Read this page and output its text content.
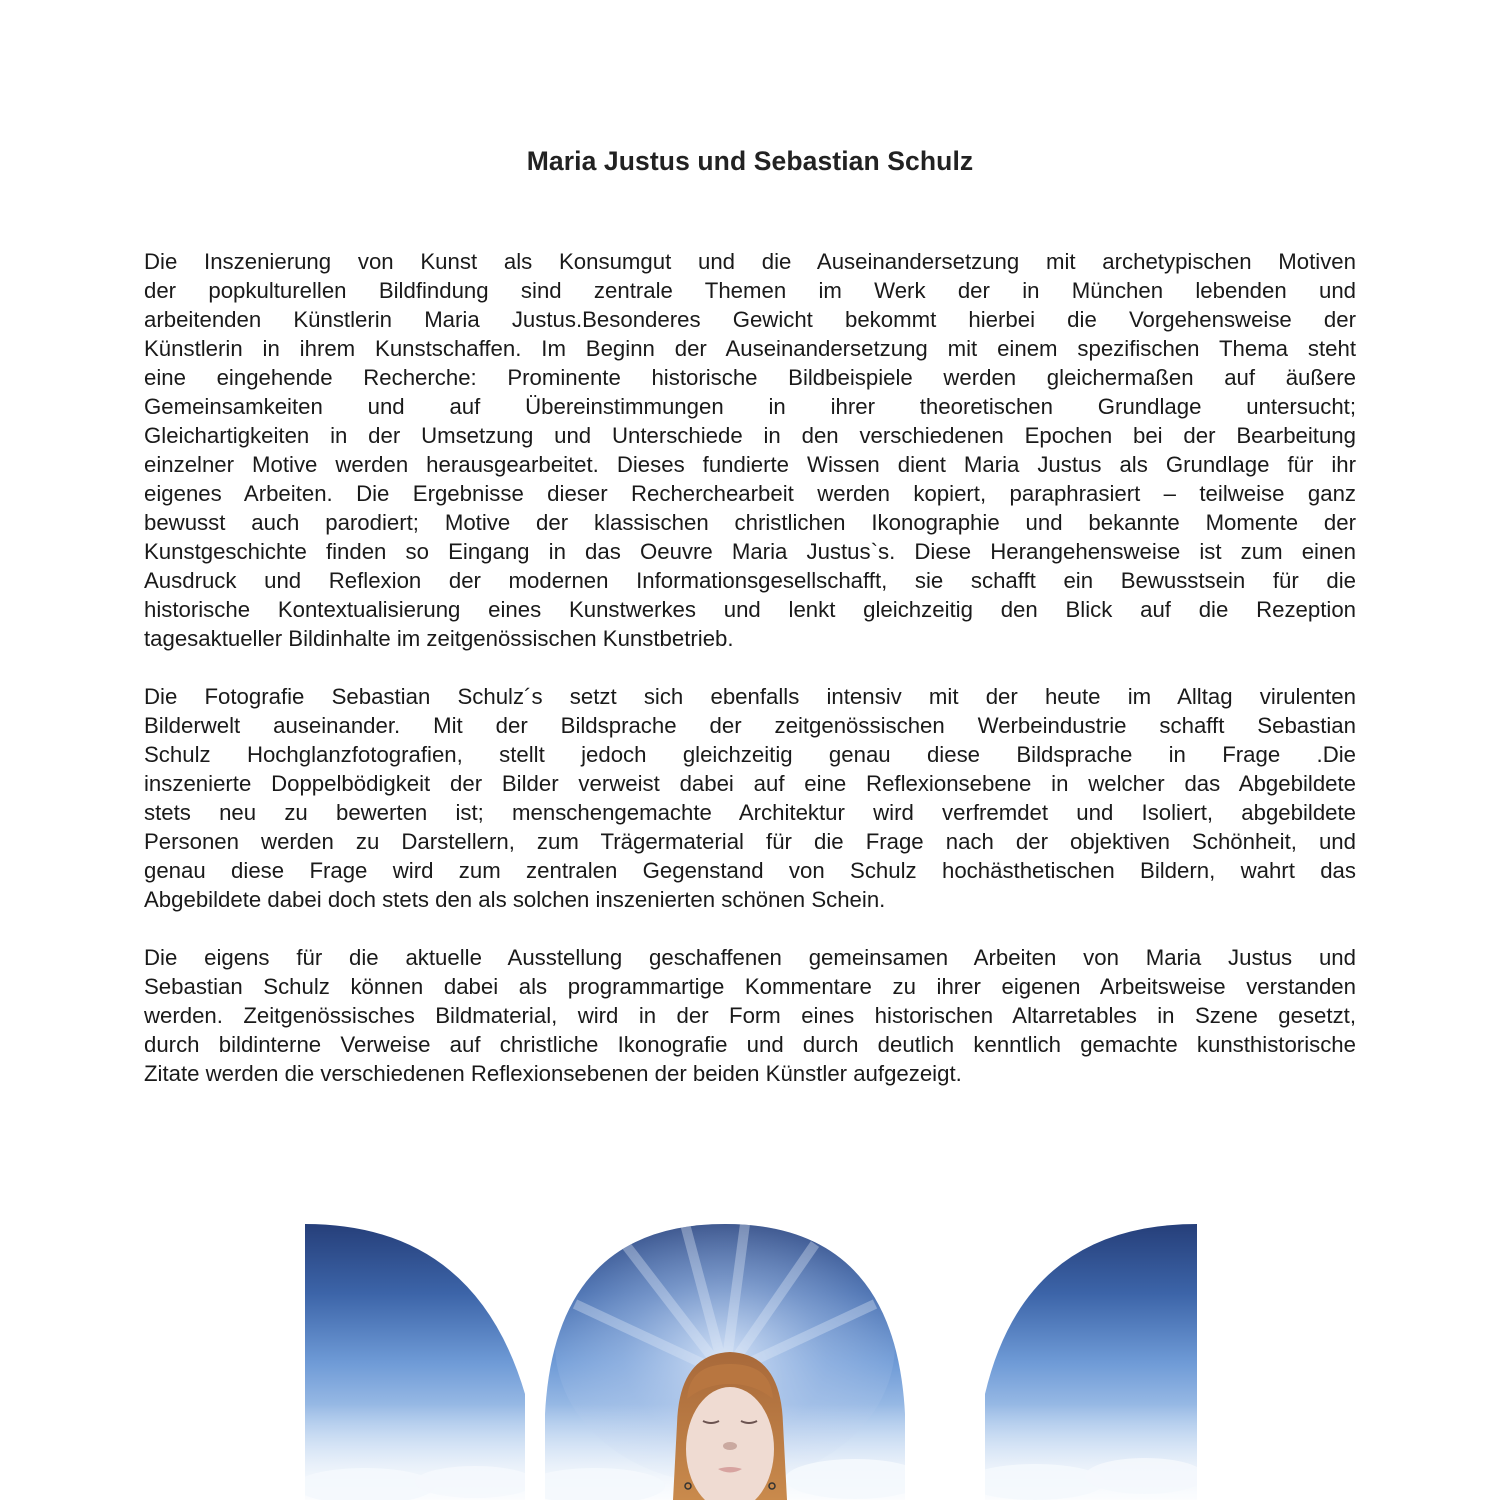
Maria Justus und Sebastian Schulz
Die Inszenierung von Kunst als Konsumgut und die Auseinandersetzung mit archetypischen Motiven
der popkulturellen Bildfindung sind zentrale Themen im Werk der in München lebenden und
arbeitenden Künstlerin Maria Justus.Besonderes Gewicht bekommt hierbei die Vorgehensweise der
Künstlerin in ihrem Kunstschaffen. Im Beginn der Auseinandersetzung mit einem spezifischen Thema steht
eine eingehende Recherche: Prominente historische Bildbeispiele werden gleichermaßen auf äußere
Gemeinsamkeiten und auf Übereinstimmungen in ihrer theoretischen Grundlage untersucht;
Gleichartigkeiten in der Umsetzung und Unterschiede in den verschiedenen Epochen bei der Bearbeitung
einzelner Motive werden herausgearbeitet. Dieses fundierte Wissen dient Maria Justus als Grundlage für ihr
eigenes Arbeiten. Die Ergebnisse dieser Recherchearbeit werden kopiert, paraphrasiert – teilweise ganz
bewusst auch parodiert; Motive der klassischen christlichen Ikonographie und bekannte Momente der
Kunstgeschichte finden so Eingang in das Oeuvre Maria Justus`s. Diese Herangehensweise ist zum einen
Ausdruck und Reflexion der modernen Informationsgesellschafft, sie schafft ein Bewusstsein für die
historische Kontextualisierung eines Kunstwerkes und lenkt gleichzeitig den Blick auf die Rezeption
tagesaktueller Bildinhalte im zeitgenössischen Kunstbetrieb.
Die Fotografie Sebastian Schulz´s setzt sich ebenfalls intensiv mit der heute im Alltag virulenten
Bilderwelt auseinander. Mit der Bildsprache der zeitgenössischen Werbeindustrie schafft Sebastian
Schulz Hochglanzfotografien, stellt jedoch gleichzeitig genau diese Bildsprache in Frage .Die
inszenierte Doppelbödigkeit der Bilder verweist dabei auf eine Reflexionsebene in welcher das Abgebildete
stets neu zu bewerten ist; menschengemachte Architektur wird verfremdet und Isoliert, abgebildete
Personen werden zu Darstellern, zum Trägermaterial für die Frage nach der objektiven Schönheit, und
genau diese Frage wird zum zentralen Gegenstand von Schulz hochästhetischen Bildern, wahrt das
Abgebildete dabei doch stets den als solchen inszenierten schönen Schein.
Die eigens für die aktuelle Ausstellung geschaffenen gemeinsamen Arbeiten von Maria Justus und
Sebastian Schulz können dabei als programmartige Kommentare zu ihrer eigenen Arbeitsweise verstanden
werden. Zeitgenössisches Bildmaterial, wird in der Form eines historischen Altarretables in Szene gesetzt,
durch bildinterne Verweise auf christliche Ikonografie und durch deutlich kenntlich gemachte kunsthistorische
Zitate werden die verschiedenen Reflexionsebenen der beiden Künstler aufgezeigt.
